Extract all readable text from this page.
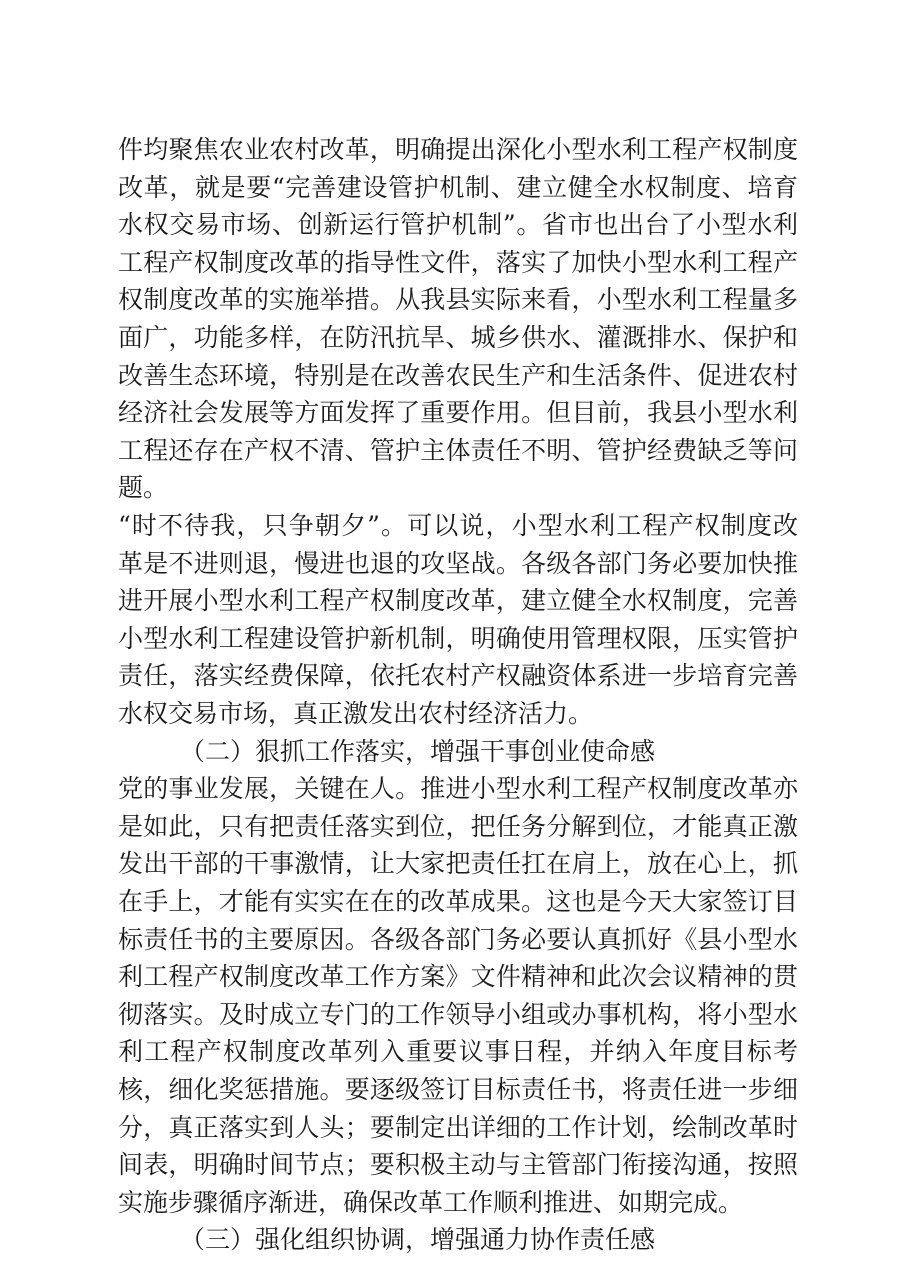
件均聚焦农业农村改革，明确提出深化小型水利工程产权制度
改革，就是要“完善建设管护机制、建立健全水权制度、培育
水权交易市场、创新运行管护机制”。省市也出台了小型水利
工程产权制度改革的指导性文件，落实了加快小型水利工程产
权制度改革的实施举措。从我县实际来看，小型水利工程量多
面广，功能多样，在防汛抗旱、城乡供水、灌溉排水、保护和
改善生态环境，特别是在改善农民生产和生活条件、促进农村
经济社会发展等方面发挥了重要作用。但目前，我县小型水利
工程还存在产权不清、管护主体责任不明、管护经费缺乏等问
题。
“时不待我，只争朝夕”。可以说，小型水利工程产权制度改
革是不进则退，慢进也退的攻坚战。各级各部门务必要加快推
进开展小型水利工程产权制度改革，建立健全水权制度，完善
小型水利工程建设管护新机制，明确使用管理权限，压实管护
责任，落实经费保障，依托农村产权融资体系进一步培育完善
水权交易市场，真正激发出农村经济活力。
（二）狠抓工作落实，增强干事创业使命感
党的事业发展，关键在人。推进小型水利工程产权制度改革亦
是如此，只有把责任落实到位，把任务分解到位，才能真正激
发出干部的干事激情，让大家把责任扛在肩上，放在心上，抓
在手上，才能有实实在在的改革成果。这也是今天大家签订目
标责任书的主要原因。各级各部门务必要认真抓好《县小型水
利工程产权制度改革工作方案》文件精神和此次会议精神的贯
彻落实。及时成立专门的工作领导小组或办事机构，将小型水
利工程产权制度改革列入重要议事日程，并纳入年度目标考
核，细化奖惩措施。要逐级签订目标责任书，将责任进一步细
分，真正落实到人头；要制定出详细的工作计划，绘制改革时
间表，明确时间节点；要积极主动与主管部门衔接沟通，按照
实施步骤循序渐进，确保改革工作顺利推进、如期完成。
（三）强化组织协调，增强通力协作责任感
